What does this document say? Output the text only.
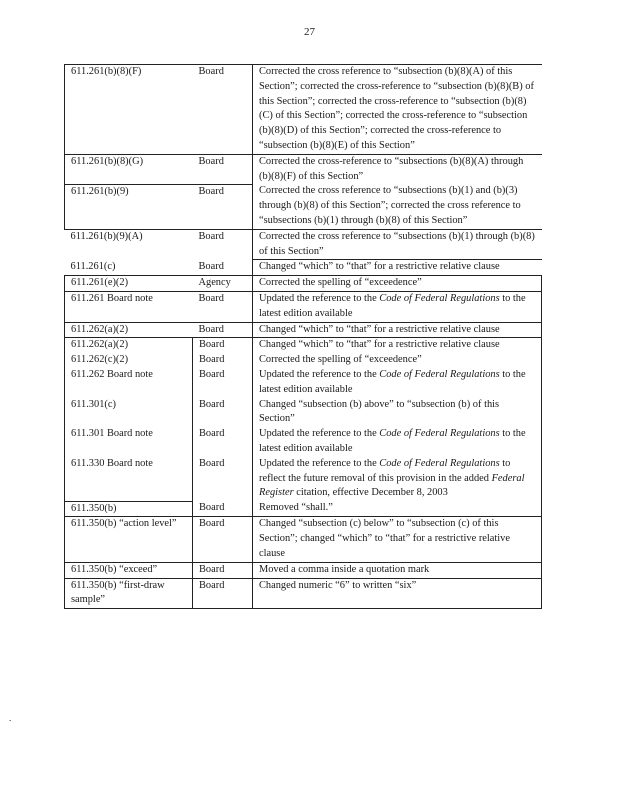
27
611.261(b)(8)(F)	Board	Corrected the cross reference to “subsection (b)(8)(A) of this Section”; corrected the cross-reference to “subsection (b)(8)(B) of this Section”; corrected the cross-reference to “subsection (b)(8)(C) of this Section”; corrected the cross-reference to “subsection (b)(8)(D) of this Section”; corrected the cross-reference to “subsection (b)(8)(E) of this Section”
611.261(b)(8)(G)	Board	Corrected the cross-reference to “subsections (b)(8)(A) through (b)(8)(F) of this Section”
611.261(b)(9)	Board	Corrected the cross reference to “subsections (b)(1) and (b)(3) through (b)(8) of this Section”; corrected the cross reference to “subsections (b)(1) through (b)(8) of this Section”
611.261(b)(9)(A)	Board	Corrected the cross reference to “subsections (b)(1) through (b)(8) of this Section”
611.261(c)	Board	Changed “which” to “that” for a restrictive relative clause
611.261(e)(2)	Agency	Corrected the spelling of “exceedence”
611.261 Board note	Board	Updated the reference to the Code of Federal Regulations to the latest edition available
611.262(a)(2)	Board	Changed “which” to “that” for a restrictive relative clause
611.262(a)(2)	Board	Changed “which” to “that” for a restrictive relative clause
611.262(c)(2)	Board	Corrected the spelling of “exceedence”
611.262 Board note	Board	Updated the reference to the Code of Federal Regulations to the latest edition available
611.301(c)	Board	Changed “subsection (b) above” to “subsection (b) of this Section”
611.301 Board note	Board	Updated the reference to the Code of Federal Regulations to the latest edition available
611.330 Board note	Board	Updated the reference to the Code of Federal Regulations to reflect the future removal of this provision in the added Federal Register citation, effective December 8, 2003
611.350(b)	Board	Removed “shall.”
611.350(b) “action level”	Board	Changed “subsection (c) below” to “subsection (c) of this Section”; changed “which” to “that” for a restrictive relative clause
611.350(b) “exceed”	Board	Moved a comma inside a quotation mark
611.350(b) “first-draw sample”	Board	Changed numeric “6” to written “six”
.
